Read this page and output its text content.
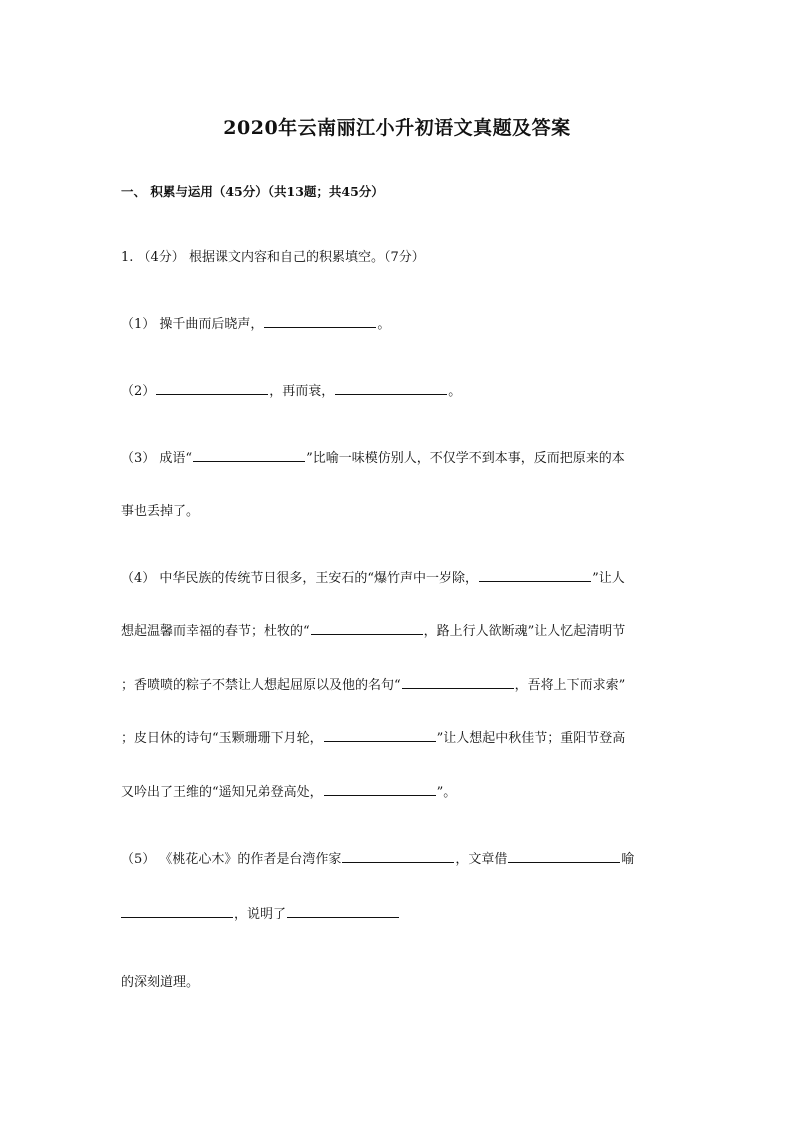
2020年云南丽江小升初语文真题及答案
一、 积累与运用（45分）（共13题；共45分）
1. （4分） 根据课文内容和自己的积累填空。（7分）
（1） 操千曲而后晓声，	。
（2）	，再而衰，	。
（3） 成语“	”比喻一味模仿别人，不仅学不到本事，反而把原来的本
事也丢掉了。
（4） 中华民族的传统节日很多，王安石的“爆竹声中一岁除，	”让人
想起温馨而幸福的春节；杜牧的“	，路上行人欲断魂”让人忆起清明节
；香喷喷的粽子不禁让人想起屈原以及他的名句“	，吾将上下而求索”
；皮日休的诗句“玉颗珊珊下月轮，	”让人想起中秋佳节；重阳节登高
又吟出了王维的“遥知兄弟登高处，	”。
（5） 《桃花心木》的作者是台湾作家	，文章借	喻
，说明了
的深刻道理。
